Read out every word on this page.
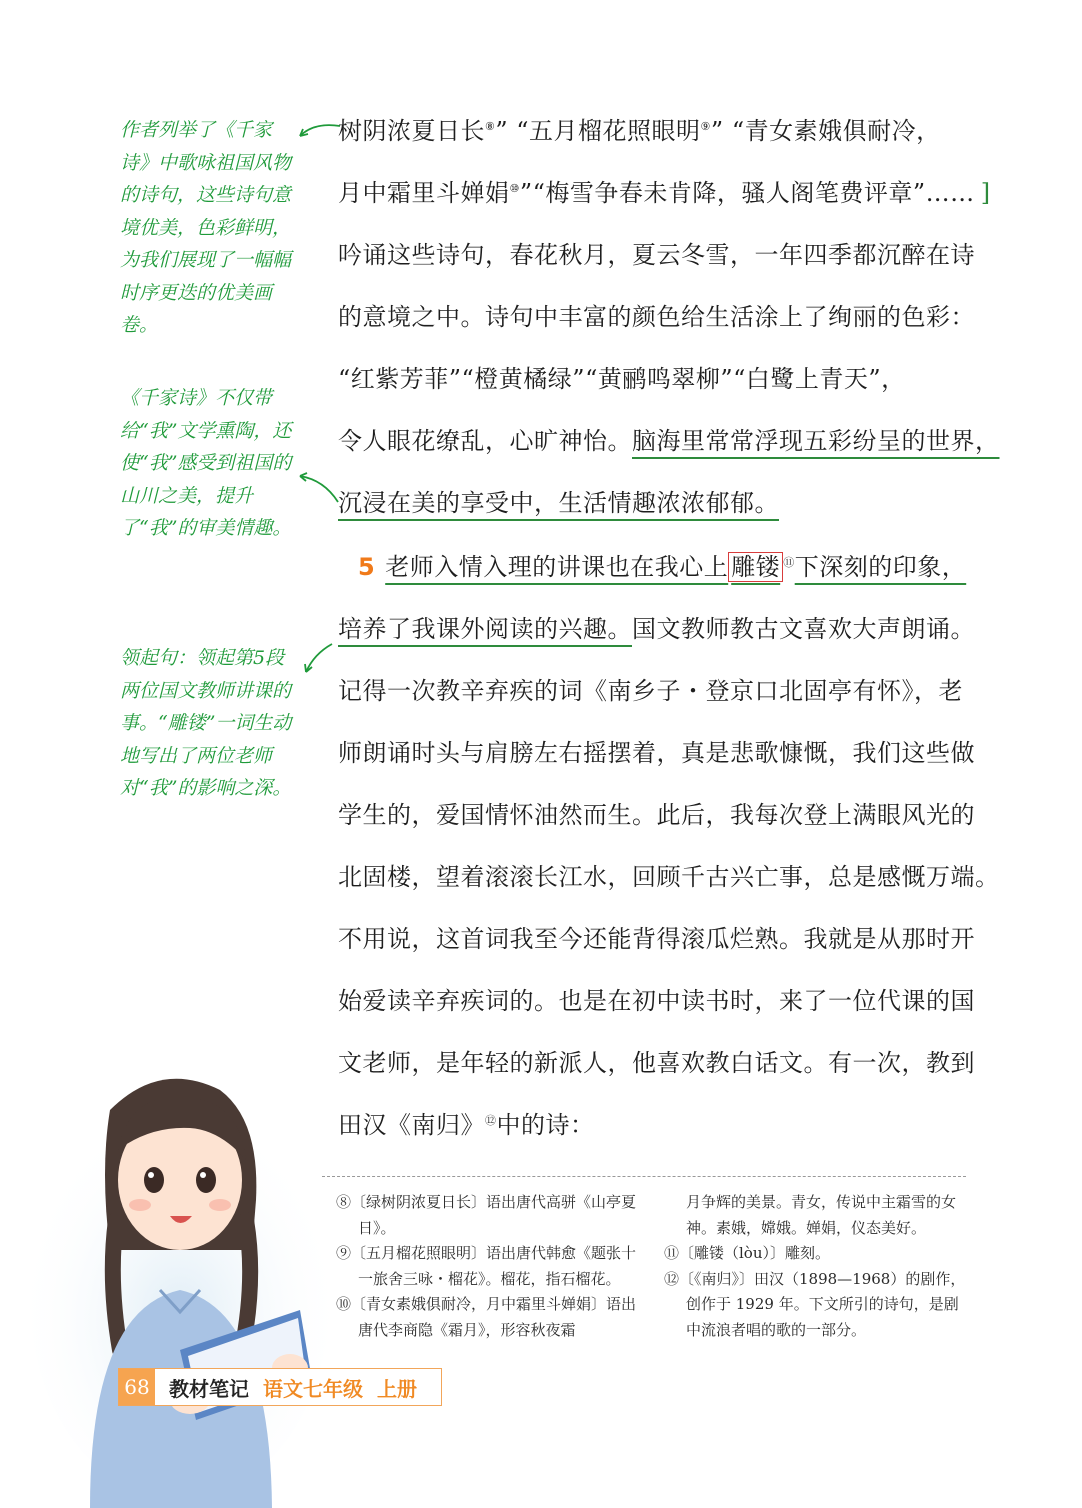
作者列举了《千家诗》中歌咏祖国风物的诗句，这些诗句意境优美，色彩鲜明，为我们展现了一幅幅时序更迭的优美画卷。
《千家诗》不仅带给“我”文学熏陶，还使“我”感受到祖国的山川之美，提升了“我”的审美情趣。
领起句：领起第5段两位国文教师讲课的事。“雕镂”一词生动地写出了两位老师对“我”的影响之深。
树阴浓夏日长⑧” “五月榴花照眼明⑨” “青女素娥俱耐冷，
月中霜里斗婵娟⑩”“梅雪争春未肯降，骚人阁笔费评章”…… ]
吟诵这些诗句，春花秋月，夏云冬雪，一年四季都沉醉在诗
的意境之中。诗句中丰富的颜色给生活涂上了绚丽的色彩：
“红紫芳菲”“橙黄橘绿”“黄鹂鸣翠柳”“白鹭上青天”，
令人眼花缭乱，心旷神怡。脑海里常常浮现五彩纷呈的世界，
沉浸在美的享受中，生活情趣浓浓郁郁。
5 老师入情入理的讲课也在我心上 雕镂 ⑪下深刻的印象，
培养了我课外阅读的兴趣。国文教师教古文喜欢大声朗诵。
记得一次教辛弃疾的词《南乡子・登京口北固亭有怀》，老
师朗诵时头与肩膀左右摇摆着，真是悲歌慷慨，我们这些做
学生的，爱国情怀油然而生。此后，我每次登上满眼风光的
北固楼，望着滚滚长江水，回顾千古兴亡事，总是感慨万端。
不用说，这首词我至今还能背得滚瓜烂熟。我就是从那时开
始爱读辛弃疾词的。也是在初中读书时，来了一位代课的国
文老师，是年轻的新派人，他喜欢教白话文。有一次，教到
田汉《南归》⑫中的诗：
⑧〔绿树阴浓夏日长〕语出唐代高骈《山亭夏日》。
⑨〔五月榴花照眼明〕语出唐代韩愈《题张十一旅舍三咏・榴花》。榴花，指石榴花。
⑩〔青女素娥俱耐冷，月中霜里斗婵娟〕语出唐代李商隐《霜月》，形容秋夜霜
月争辉的美景。青女，传说中主霜雪的女神。素娥，嫦娥。婵娟，仪态美好。
⑪〔雕镂（lòu）〕雕刻。
⑫〔《南归》〕田汉（1898—1968）的剧作，创作于 1929 年。下文所引的诗句，是剧中流浪者唱的歌的一部分。
68 教材笔记 语文七年级 上册
